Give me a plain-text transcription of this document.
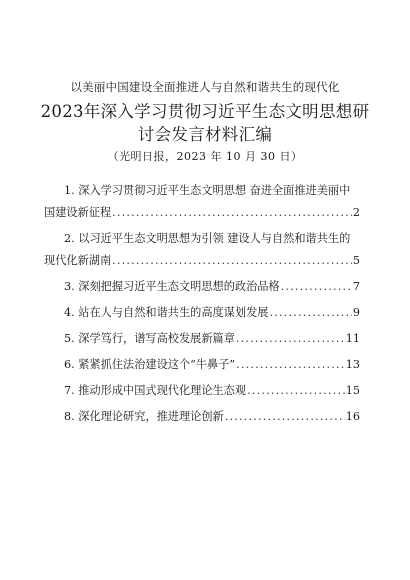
以美丽中国建设全面推进人与自然和谐共生的现代化
2023年深入学习贯彻习近平生态文明思想研
讨会发言材料汇编
（光明日报，2023 年 10 月 30 日）
1. 深入学习贯彻习近平生态文明思想 奋进全面推进美丽中
国建设新征程 .....	2
2. 以习近平生态文明思想为引领 建设人与自然和谐共生的
现代化新湖南 .....	5
3. 深刻把握习近平生态文明思想的政治品格 .....	7
4. 站在人与自然和谐共生的高度谋划发展 .....	9
5. 深学笃行，谱写高校发展新篇章 .....	11
6. 紧紧抓住法治建设这个“牛鼻子” .....	13
7. 推动形成中国式现代化理论生态观 .....	15
8. 深化理论研究，推进理论创新 .....	16
